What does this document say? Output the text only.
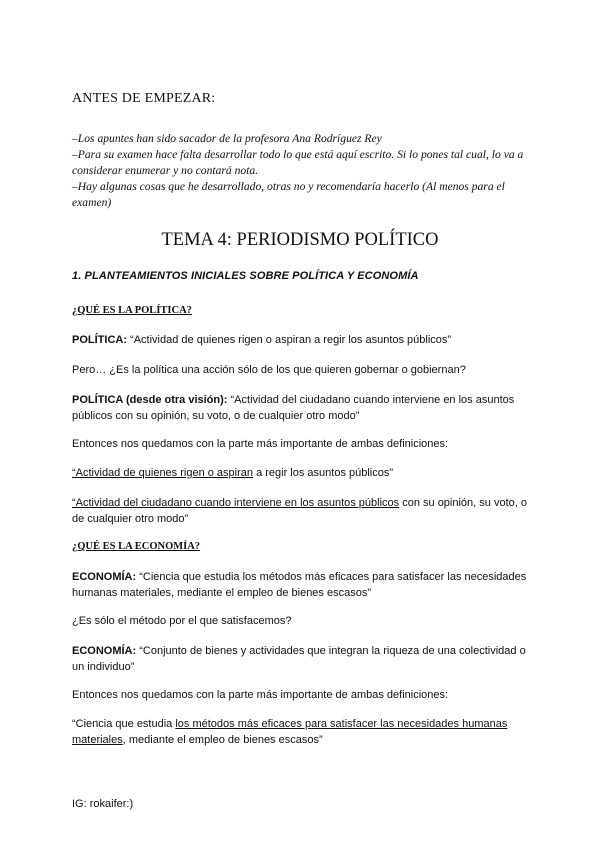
ANTES DE EMPEZAR:

–Los apuntes han sido sacador de la profesora Ana Rodríguez Rey

–Para su examen hace falta desarrollar todo lo que está aquí escrito. Si lo pones tal cual, lo va a considerar enumerar y no contará nota.

–Hay algunas cosas que he desarrollado, otras no y recomendaría hacerlo (Al menos para el examen)

TEMA 4: PERIODISMO POLÍTICO
1. PLANTEAMIENTOS INICIALES SOBRE POLÍTICA Y ECONOMÍA
¿QUÉ ES LA POLÍTICA?

POLÍTICA: “Actividad de quienes rigen o aspiran a regir los asuntos públicos”

Pero… ¿Es la política una acción sólo de los que quieren gobernar o gobiernan?

POLÍTICA (desde otra visión): “Actividad del ciudadano cuando interviene en los asuntos públicos con su opinión, su voto, o de cualquier otro modo”

Entonces nos quedamos con la parte más importante de ambas definiciones:

“Actividad de quienes rigen o aspiran a regir los asuntos públicos”

“Actividad del ciudadano cuando interviene en los asuntos públicos con su opinión, su voto, o de cualquier otro modo”

¿QUÉ ES LA ECONOMÍA?

ECONOMÍA: “Ciencia que estudia los métodos más eficaces para satisfacer las necesidades humanas materiales, mediante el empleo de bienes escasos”

¿Es sólo el método por el que satisfacemos?

ECONOMÍA: “Conjunto de bienes y actividades que integran la riqueza de una colectividad o un individuo”

Entonces nos quedamos con la parte más importante de ambas definiciones:

“Ciencia que estudia los métodos más eficaces para satisfacer las necesidades humanas materiales, mediante el empleo de bienes escasos”

IG: rokaifer:)
